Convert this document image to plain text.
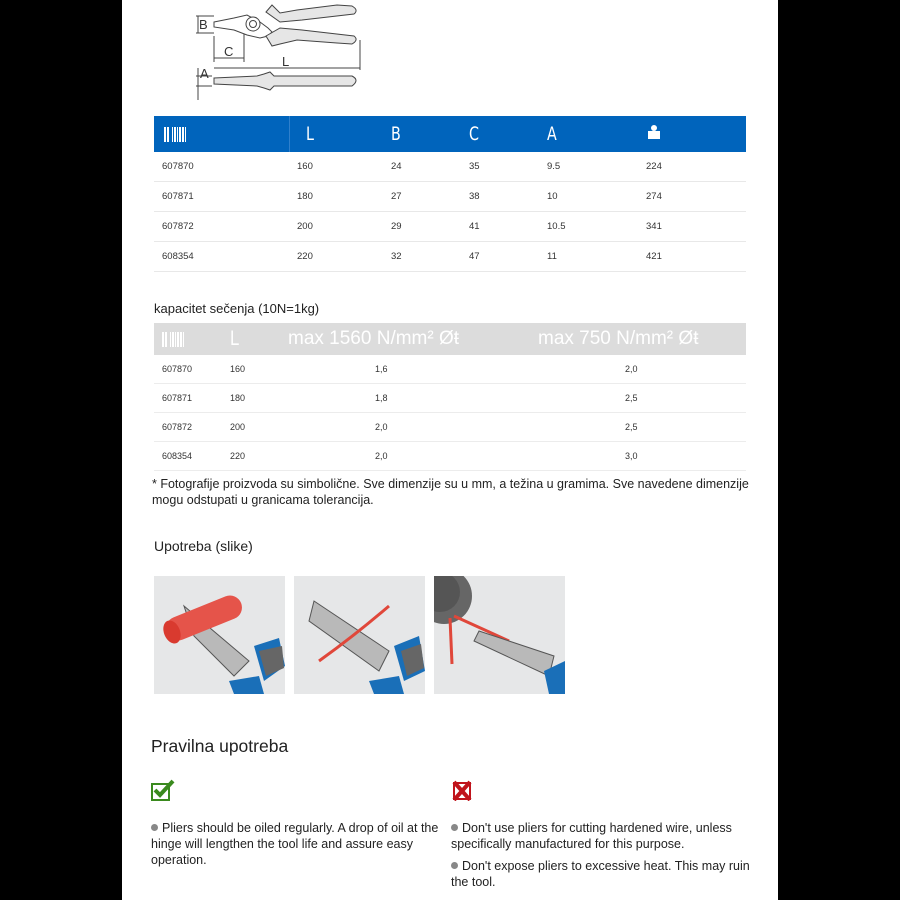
B
C
L
A
L	B	C	A
607870	160	24	35	9.5	224
607871	180	27	38	10	274
607872	200	29	41	10.5	341
608354	220	32	47	11	421
kapacitet sečenja (10N=1kg)
L	max 1560 N/mm² Øŧ	max 750 N/mm² Øŧ
607870	160	1,6	2,0
607871	180	1,8	2,5
607872	200	2,0	2,5
608354	220	2,0	3,0
* Fotografije proizvoda su simbolične. Sve dimenzije su u mm, a težina u gramima. Sve navedene dimenzije mogu odstupati u granicama tolerancija.
Upotreba (slike)
Pravilna upotreba

Pliers should be oiled regularly. A drop of oil at the hinge will lengthen the tool life and assure easy operation.

Don't use pliers for cutting hardened wire, unless specifically manufactured for this purpose.

Don't expose pliers to excessive heat. This may ruin the tool.
